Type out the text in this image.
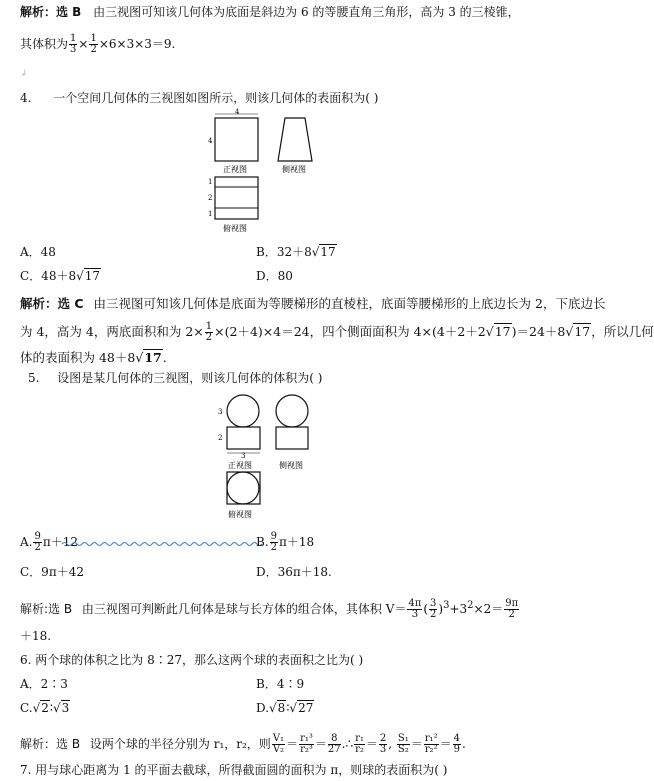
解析：选 B 由三视图可知该几何体为底面是斜边为 6 的等腰直角三角形，高为 3 的三棱锥，
其体积为 $\frac{1}{3} \times \frac{1}{2} \times 6\times 3\times 3=9$.
↲
4. 一个空间几何体的三视图如图所示，则该几何体的表面积为( )
4
4
正视图	侧视图
1
2
1
俯视图
A．48	B．32＋8√17
C．48＋8√17	D．80
解析：选 C 由三视图可知该几何体是底面为等腰梯形的直棱柱，底面等腰梯形的上底边长为 2，下底边长
为 4，高为 4，两底面积和为 $2\times \frac{1}{2} \times(2+4)\times 4=24$，四个侧面面积为 4×(4＋2＋2√17)＝24＋8√17，所以几何
体的表面积为 48＋8√17.
5. 设图是某几何体的三视图，则该几何体的体积为( )
3
2
3
正视图	侧视图
俯视图
A. $\frac{9}{2} \pi+12$	B. $\frac{9}{2} \pi+18$
C．9π＋42	D．36π＋18.
解析:选 B 由三视图可判断此几何体是球与长方体的组合体，其体积 $V= \frac{4\pi}{3}$ ( $\frac{3}{2} )^3+3^2\times 2= \frac{9\pi}{2}$
＋18.
6. 两个球的体积之比为 8∶27，那么这两个球的表面积之比为( )
A．2∶3	B．4∶9
C.√2∶√3	D.√8∶√27
解析：选 B 设两个球的半径分别为 r₁，r₂，则 $\frac{\text{V₁}}{\text{V₂}} = \frac{\text{r₁³}}{\text{r₂³}} = \frac{8}{27}$ .∴ $\frac{\text{r₁}}{\text{r₂}} = \frac{2}{3}$ , $\frac{\text{S₁}}{\text{S₂}} = \frac{\text{r₁²}}{\text{r₂²}} = \frac{4}{9}$ .
7. 用与球心距离为 1 的平面去截球，所得截面圆的面积为 π，则球的表面积为( )
